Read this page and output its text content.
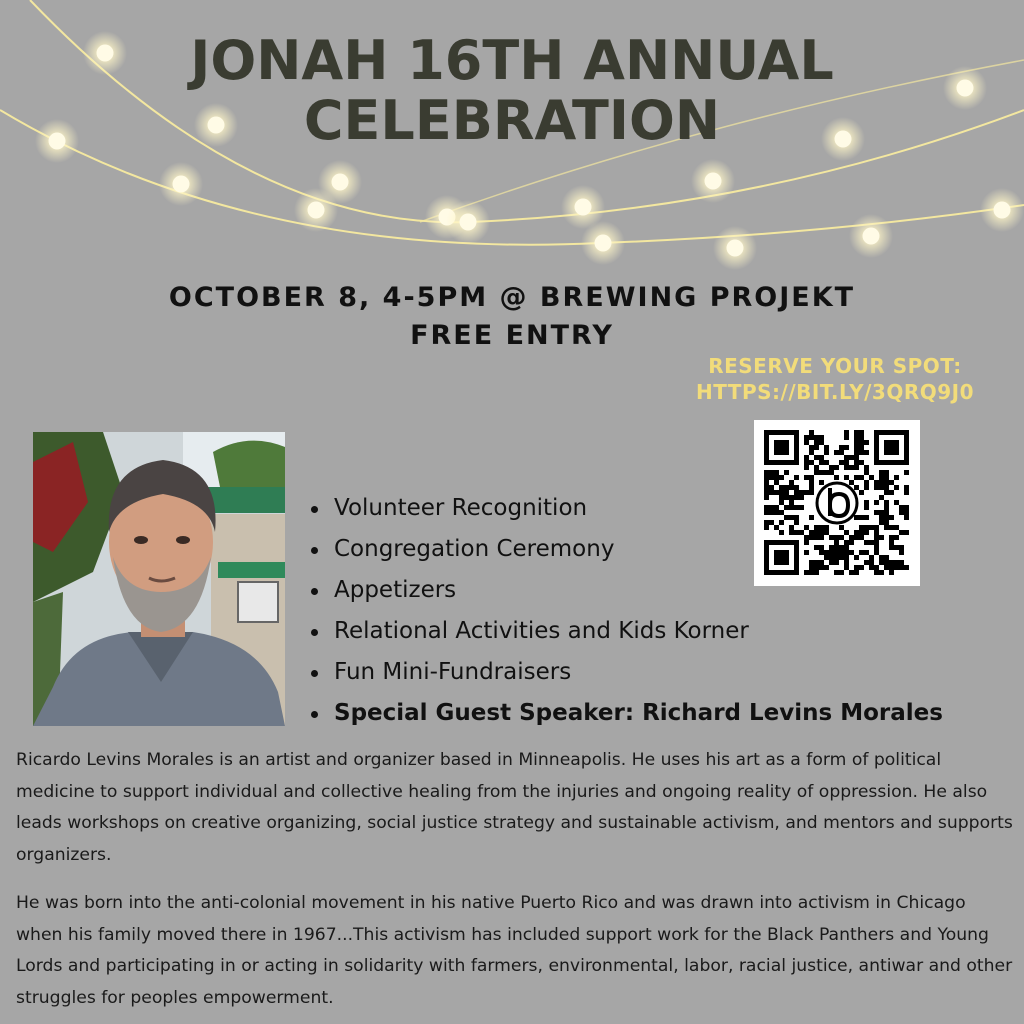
JONAH 16TH ANNUAL
CELEBRATION
OCTOBER 8, 4-5PM @ BREWING PROJEKT
FREE ENTRY
RESERVE YOUR SPOT:
HTTPS://BIT.LY/3QRQ9J0
Volunteer Recognition
Congregation Ceremony
Appetizers
Relational Activities and Kids Korner
Fun Mini-Fundraisers
Special Guest Speaker: Richard Levins Morales

Ricardo Levins Morales is an artist and organizer based in Minneapolis. He uses his art as a form of political medicine to support individual and collective healing from the injuries and ongoing reality of oppression. He also leads workshops on creative organizing, social justice strategy and sustainable activism, and mentors and supports organizers.

He was born into the anti-colonial movement in his native Puerto Rico and was drawn into activism in Chicago when his family moved there in 1967...This activism has included support work for the Black Panthers and Young Lords and participating in or acting in solidarity with farmers, environmental, labor, racial justice, antiwar and other struggles for peoples empowerment.
